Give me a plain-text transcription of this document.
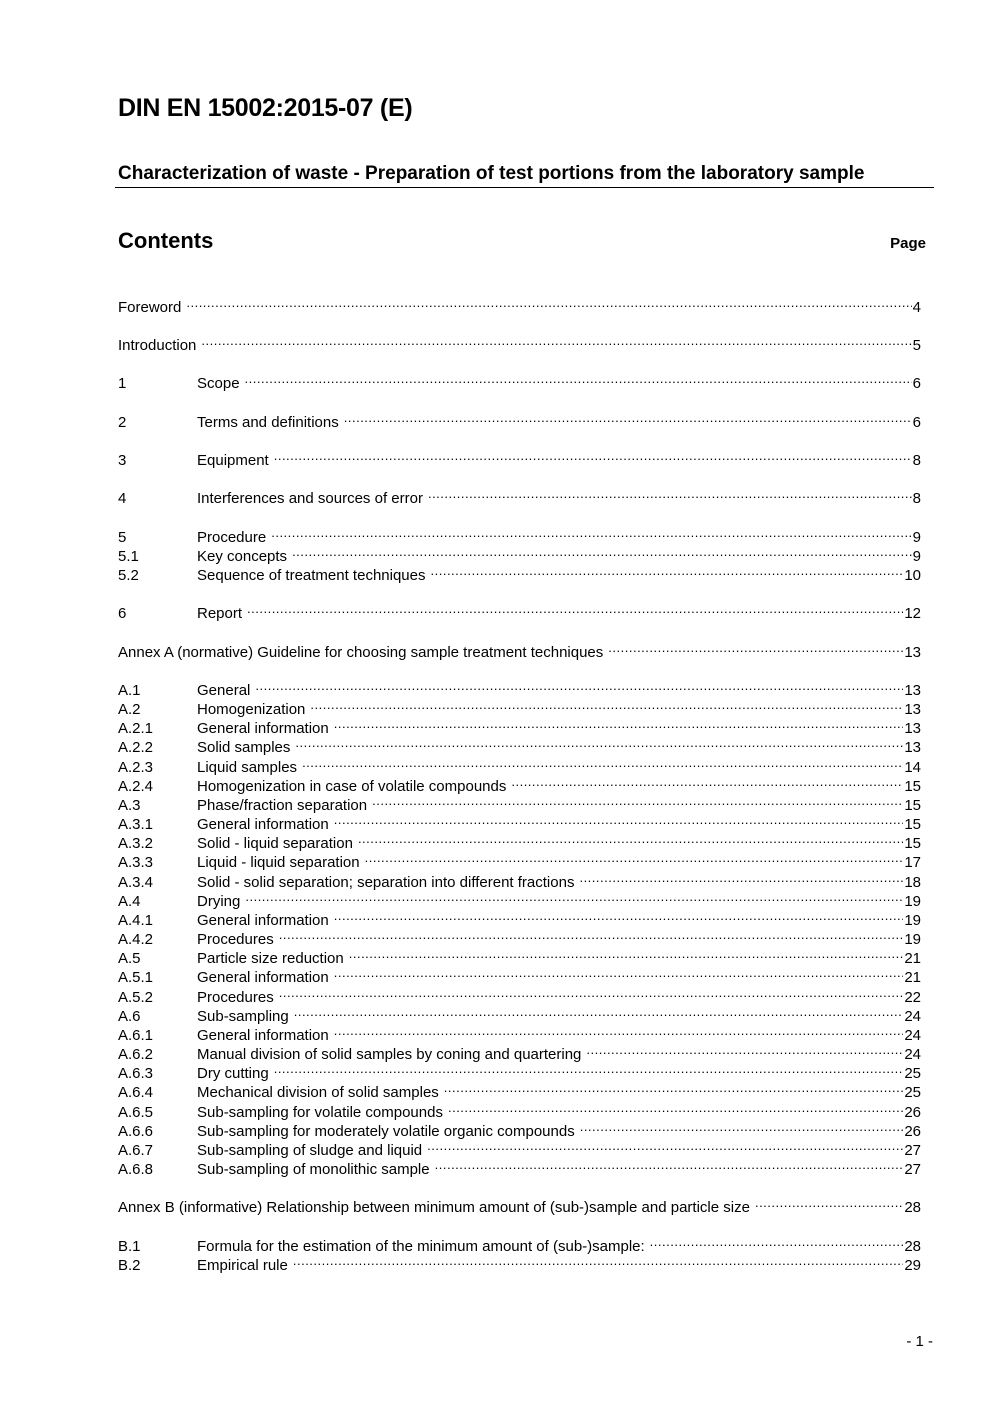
DIN EN 15002:2015-07 (E)
Characterization of waste - Preparation of test portions from the laboratory sample
Contents	Page
Foreword .....	4
Introduction .....	5
1	Scope .....	6
2	Terms and definitions .....	6
3	Equipment .....	8
4	Interferences and sources of error .....	8
5	Procedure .....	9
5.1	Key concepts .....	9
5.2	Sequence of treatment techniques .....	10
6	Report .....	12
Annex A (normative) Guideline for choosing sample treatment techniques .....	13
A.1	General .....	13
A.2	Homogenization .....	13
A.2.1	General information .....	13
A.2.2	Solid samples .....	13
A.2.3	Liquid samples .....	14
A.2.4	Homogenization in case of volatile compounds .....	15
A.3	Phase/fraction separation .....	15
A.3.1	General information .....	15
A.3.2	Solid - liquid separation .....	15
A.3.3	Liquid - liquid separation .....	17
A.3.4	Solid - solid separation; separation into different fractions .....	18
A.4	Drying .....	19
A.4.1	General information .....	19
A.4.2	Procedures .....	19
A.5	Particle size reduction .....	21
A.5.1	General information .....	21
A.5.2	Procedures .....	22
A.6	Sub-sampling .....	24
A.6.1	General information .....	24
A.6.2	Manual division of solid samples by coning and quartering .....	24
A.6.3	Dry cutting .....	25
A.6.4	Mechanical division of solid samples .....	25
A.6.5	Sub-sampling for volatile compounds .....	26
A.6.6	Sub-sampling for moderately volatile organic compounds .....	26
A.6.7	Sub-sampling of sludge and liquid .....	27
A.6.8	Sub-sampling of monolithic sample .....	27
Annex B (informative) Relationship between minimum amount of (sub-)sample and particle size .....	28
B.1	Formula for the estimation of the minimum amount of (sub-)sample: .....	28
B.2	Empirical rule .....	29
- 1 -
